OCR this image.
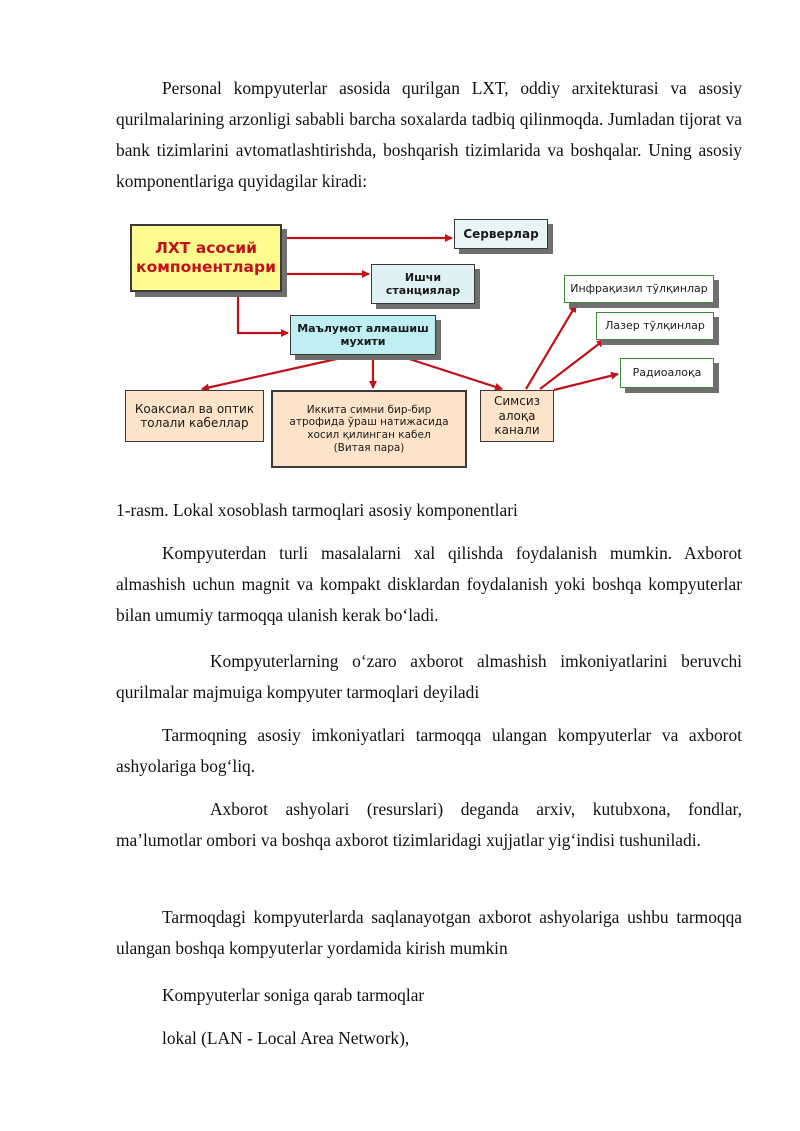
Personal kompyuterlar asosida qurilgan LXT, oddiy arxitekturasi va asosiy qurilmalarining arzonligi sababli barcha soxalarda tadbiq qilinmoqda. Jumladan tijorat va bank tizimlarini avtomatlashtirishda, boshqarish tizimlarida va boshqalar. Uning asosiy komponentlariga quyidagilar kiradi:

ЛХТ асосий
компонентлари
Серверлар
Ишчи
станциялар
Маълумот алмашиш
мухити
Коаксиал ва оптик
толали кабеллар
Иккита симни бир-бир
атрофида ўраш натижасида
хосил қилинган кабел
(Витая пара)
Симсиз
алоқа
канали
Инфрақизил тўлқинлар
Лазер тўлқинлар
Радиоалоқа

1-rasm. Lokal xosoblash tarmoqlari asosiy komponentlari

Kompyuterdan turli masalalarni xal qilishda foydalanish mumkin. Axborot almashish uchun magnit va kompakt disklardan foydalanish yoki boshqa kompyuterlar bilan umumiy tarmoqqa ulanish kerak bo‘ladi.

Kompyuterlarning o‘zaro axborot almashish imkoniyatlarini beruvchi qurilmalar majmuiga kompyuter tarmoqlari deyiladi

Tarmoqning asosiy imkoniyatlari tarmoqqa ulangan kompyuterlar va axborot ashyolariga bog‘liq.

Axborot ashyolari (resurslari) deganda arxiv, kutubxona, fondlar, ma’lumotlar ombori va boshqa axborot tizimlaridagi xujjatlar yig‘indisi tushuniladi.

Tarmoqdagi kompyuterlarda saqlanayotgan axborot ashyolariga ushbu tarmoqqa ulangan boshqa kompyuterlar yordamida kirish mumkin

Kompyuterlar soniga qarab tarmoqlar

lokal (LAN - Local Area Network),
